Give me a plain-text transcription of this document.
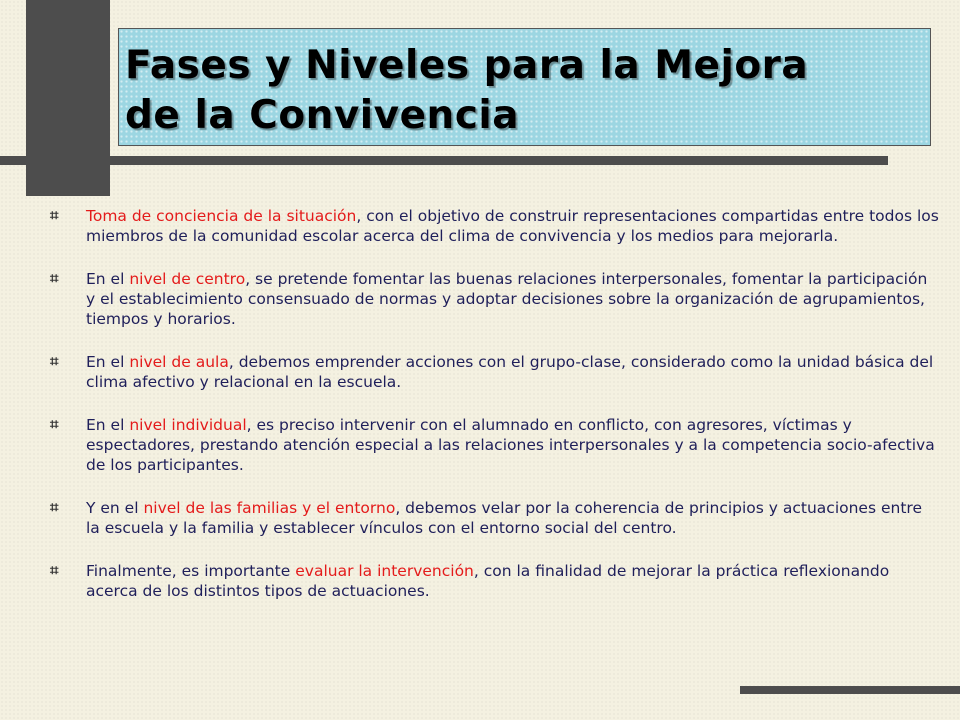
Fases y Niveles para la Mejora
de la Convivencia
⌗ Toma de conciencia de la situación, con el objetivo de construir representaciones compartidas entre todos los miembros de la comunidad escolar acerca del clima de convivencia y los medios para mejorarla.
⌗ En el nivel de centro, se pretende fomentar las buenas relaciones interpersonales, fomentar la participación y el establecimiento consensuado de normas y adoptar decisiones sobre la organización de agrupamientos, tiempos y horarios.
⌗ En el nivel de aula, debemos emprender acciones con el grupo-clase, considerado como la unidad básica del clima afectivo y relacional en la escuela.
⌗ En el nivel individual, es preciso intervenir con el alumnado en conflicto, con agresores, víctimas y espectadores, prestando atención especial a las relaciones interpersonales y a la competencia socio-afectiva de los participantes.
⌗ Y en el nivel de las familias y el entorno, debemos velar por la coherencia de principios y actuaciones entre la escuela y la familia y establecer vínculos con el entorno social del centro.
⌗ Finalmente, es importante evaluar la intervención, con la finalidad de mejorar la práctica reflexionando acerca de los distintos tipos de actuaciones.
